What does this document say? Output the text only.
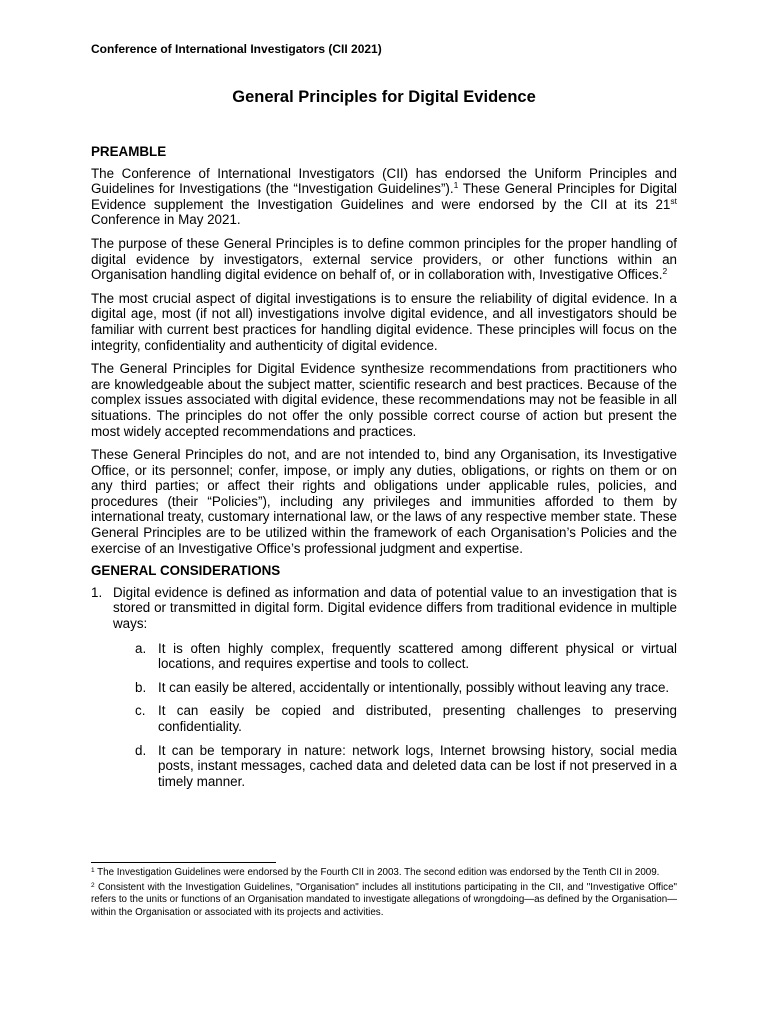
Conference of International Investigators (CII 2021)
General Principles for Digital Evidence
PREAMBLE

The Conference of International Investigators (CII) has endorsed the Uniform Principles and Guidelines for Investigations (the “Investigation Guidelines”).$^1$ These General Principles for Digital Evidence supplement the Investigation Guidelines and were endorsed by the CII at its 21st Conference in May 2021.

The purpose of these General Principles is to define common principles for the proper handling of digital evidence by investigators, external service providers, or other functions within an Organisation handling digital evidence on behalf of, or in collaboration with, Investigative Offices.$^2$

The most crucial aspect of digital investigations is to ensure the reliability of digital evidence. In a digital age, most (if not all) investigations involve digital evidence, and all investigators should be familiar with current best practices for handling digital evidence. These principles will focus on the integrity, confidentiality and authenticity of digital evidence.

The General Principles for Digital Evidence synthesize recommendations from practitioners who are knowledgeable about the subject matter, scientific research and best practices. Because of the complex issues associated with digital evidence, these recommendations may not be feasible in all situations. The principles do not offer the only possible correct course of action but present the most widely accepted recommendations and practices.

These General Principles do not, and are not intended to, bind any Organisation, its Investigative Office, or its personnel; confer, impose, or imply any duties, obligations, or rights on them or on any third parties; or affect their rights and obligations under applicable rules, policies, and procedures (their “Policies”), including any privileges and immunities afforded to them by international treaty, customary international law, or the laws of any respective member state. These General Principles are to be utilized within the framework of each Organisation’s Policies and the exercise of an Investigative Office’s professional judgment and expertise.

GENERAL CONSIDERATIONS
1. Digital evidence is defined as information and data of potential value to an investigation that is stored or transmitted in digital form. Digital evidence differs from traditional evidence in multiple ways:
a. It is often highly complex, frequently scattered among different physical or virtual locations, and requires expertise and tools to collect.
b. It can easily be altered, accidentally or intentionally, possibly without leaving any trace.
c. It can easily be copied and distributed, presenting challenges to preserving confidentiality.
d. It can be temporary in nature: network logs, Internet browsing history, social media posts, instant messages, cached data and deleted data can be lost if not preserved in a timely manner.
$^1$ The Investigation Guidelines were endorsed by the Fourth CII in 2003. The second edition was endorsed by the Tenth CII in 2009.
$^2$ Consistent with the Investigation Guidelines, "Organisation" includes all institutions participating in the CII, and "Investigative Office" refers to the units or functions of an Organisation mandated to investigate allegations of wrongdoing—as defined by the Organisation—within the Organisation or associated with its projects and activities.
